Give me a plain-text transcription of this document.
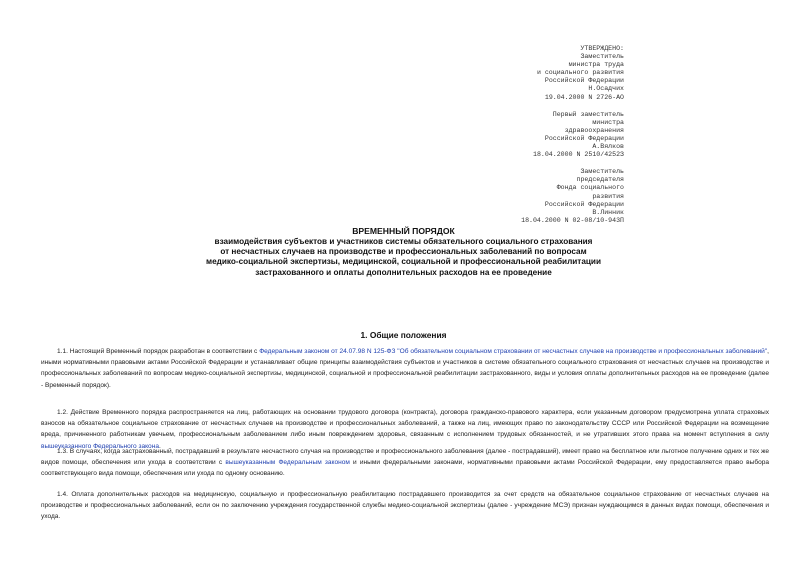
УТВЕРЖДЕНО:
Заместитель
министра труда
и социального развития
Российской Федерации
Н.Осадчих
19.04.2000 N 2726-АО
Первый заместитель
министра
здравоохранения
Российской Федерации
А.Вялков
18.04.2000 N 2510/4252З
Заместитель
председателя
Фонда социального
развития
Российской Федерации
В.Линник
18.04.2000 N 02-08/10-943П
ВРЕМЕННЫЙ ПОРЯДОК
взаимодействия субъектов и участников системы обязательного социального страхования
от несчастных случаев на производстве и профессиональных заболеваний по вопросам
медико-социальной экспертизы, медицинской, социальной и профессиональной реабилитации
застрахованного и оплаты дополнительных расходов на ее проведение
1. Общие положения
1.1. Настоящий Временный порядок разработан в соответствии с Федеральным законом от 24.07.98 N 125-ФЗ "Об обязательном социальном страховании от несчастных случаев на производстве и профессиональных заболеваний", иными нормативными правовыми актами Российской Федерации и устанавливает общие принципы взаимодействия субъектов и участников в системе обязательного социального страхования от несчастных случаев на производстве и профессиональных заболеваний по вопросам медико-социальной экспертизы, медицинской, социальной и профессиональной реабилитации застрахованного, виды и условия оплаты дополнительных расходов на ее проведение (далее - Временный порядок).
1.2. Действие Временного порядка распространяется на лиц, работающих на основании трудового договора (контракта), договора гражданско-правового характера, если указанным договором предусмотрена уплата страховых взносов на обязательное социальное страхование от несчастных случаев на производстве и профессиональных заболеваний, а также на лиц, имеющих право по законодательству СССР или Российской Федерации на возмещение вреда, причиненного работникам увечьем, профессиональным заболеванием либо иным повреждением здоровья, связанным с исполнением трудовых обязанностей, и не утративших этого права на момент вступления в силу вышеуказанного Федерального закона.
1.3. В случаях, когда застрахованный, пострадавший в результате несчастного случая на производстве и профессионального заболевания (далее - пострадавший), имеет право на бесплатное или льготное получение одних и тех же видов помощи, обеспечения или ухода в соответствии с вышеуказанным Федеральным законом и иными федеральными законами, нормативными правовыми актами Российской Федерации, ему предоставляется право выбора соответствующего вида помощи, обеспечения или ухода по одному основанию.
1.4. Оплата дополнительных расходов на медицинскую, социальную и профессиональную реабилитацию пострадавшего производится за счет средств на обязательное социальное страхование от несчастных случаев на производстве и профессиональных заболеваний, если он по заключению учреждения государственной службы медико-социальной экспертизы (далее - учреждение МСЭ) признан нуждающимся в данных видах помощи, обеспечения и ухода.
